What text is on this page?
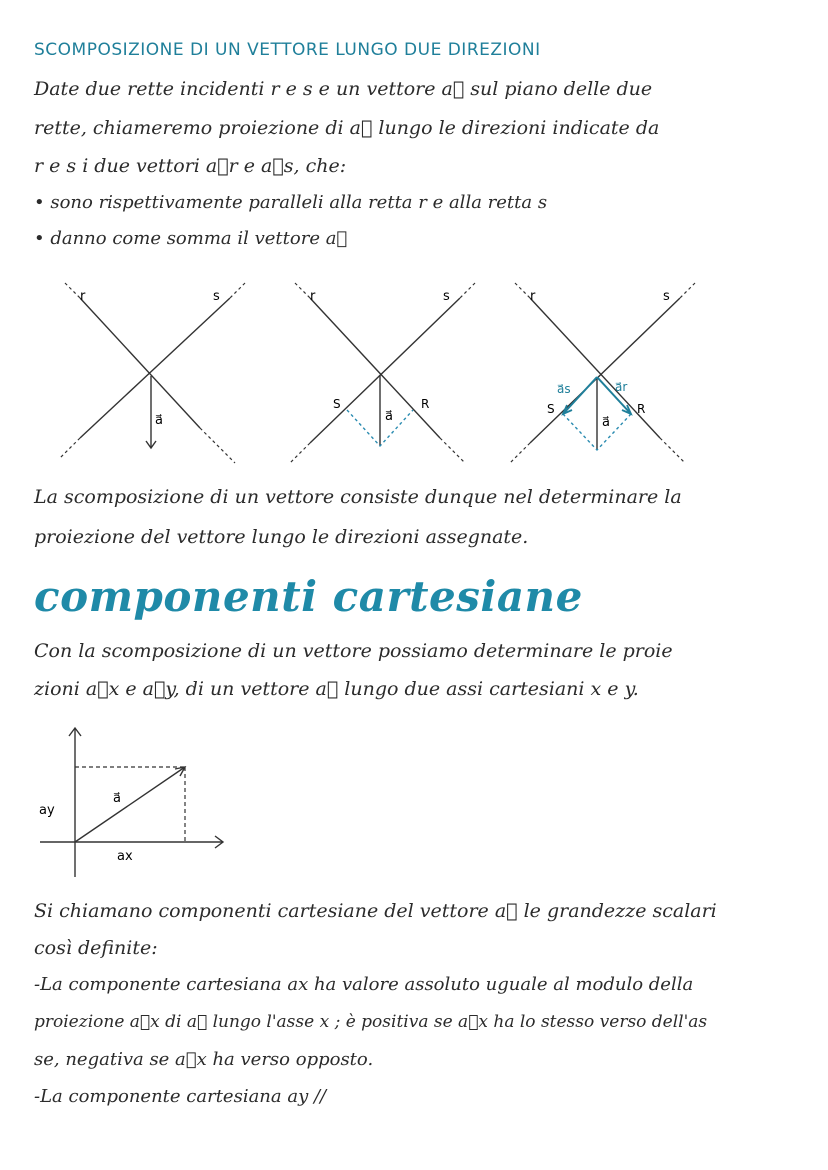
SCOMPOSIZIONE DI UN VETTORE LUNGO DUE DIREZIONI
Date due rette incidenti r e s e un vettore a⃗ sul piano delle due
rette, chiameremo proiezione di a⃗ lungo le direzioni indicate da
r e s i due vettori a⃗r e a⃗s, che:
• sono rispettivamente paralleli alla retta r e alla retta s
• danno come somma il vettore a⃗
r	s
a⃗
S	R
r	s
a⃗	S	R
a⃗s	a⃗r
r	s
a⃗
La scomposizione di un vettore consiste dunque nel determinare la
proiezione del vettore lungo le direzioni assegnate.
componenti cartesiane
Con la scomposizione di un vettore possiamo determinare le proie
zioni a⃗x e a⃗y, di un vettore a⃗ lungo due assi cartesiani x e y.
a⃗
ay
ax
Si chiamano componenti cartesiane del vettore a⃗ le grandezze scalari
così definite:
-La componente cartesiana ax ha valore assoluto uguale al modulo della
proiezione a⃗x di a⃗ lungo l'asse x ; è positiva se a⃗x ha lo stesso verso dell'as
se, negativa se a⃗x ha verso opposto.
-La componente cartesiana ay //
